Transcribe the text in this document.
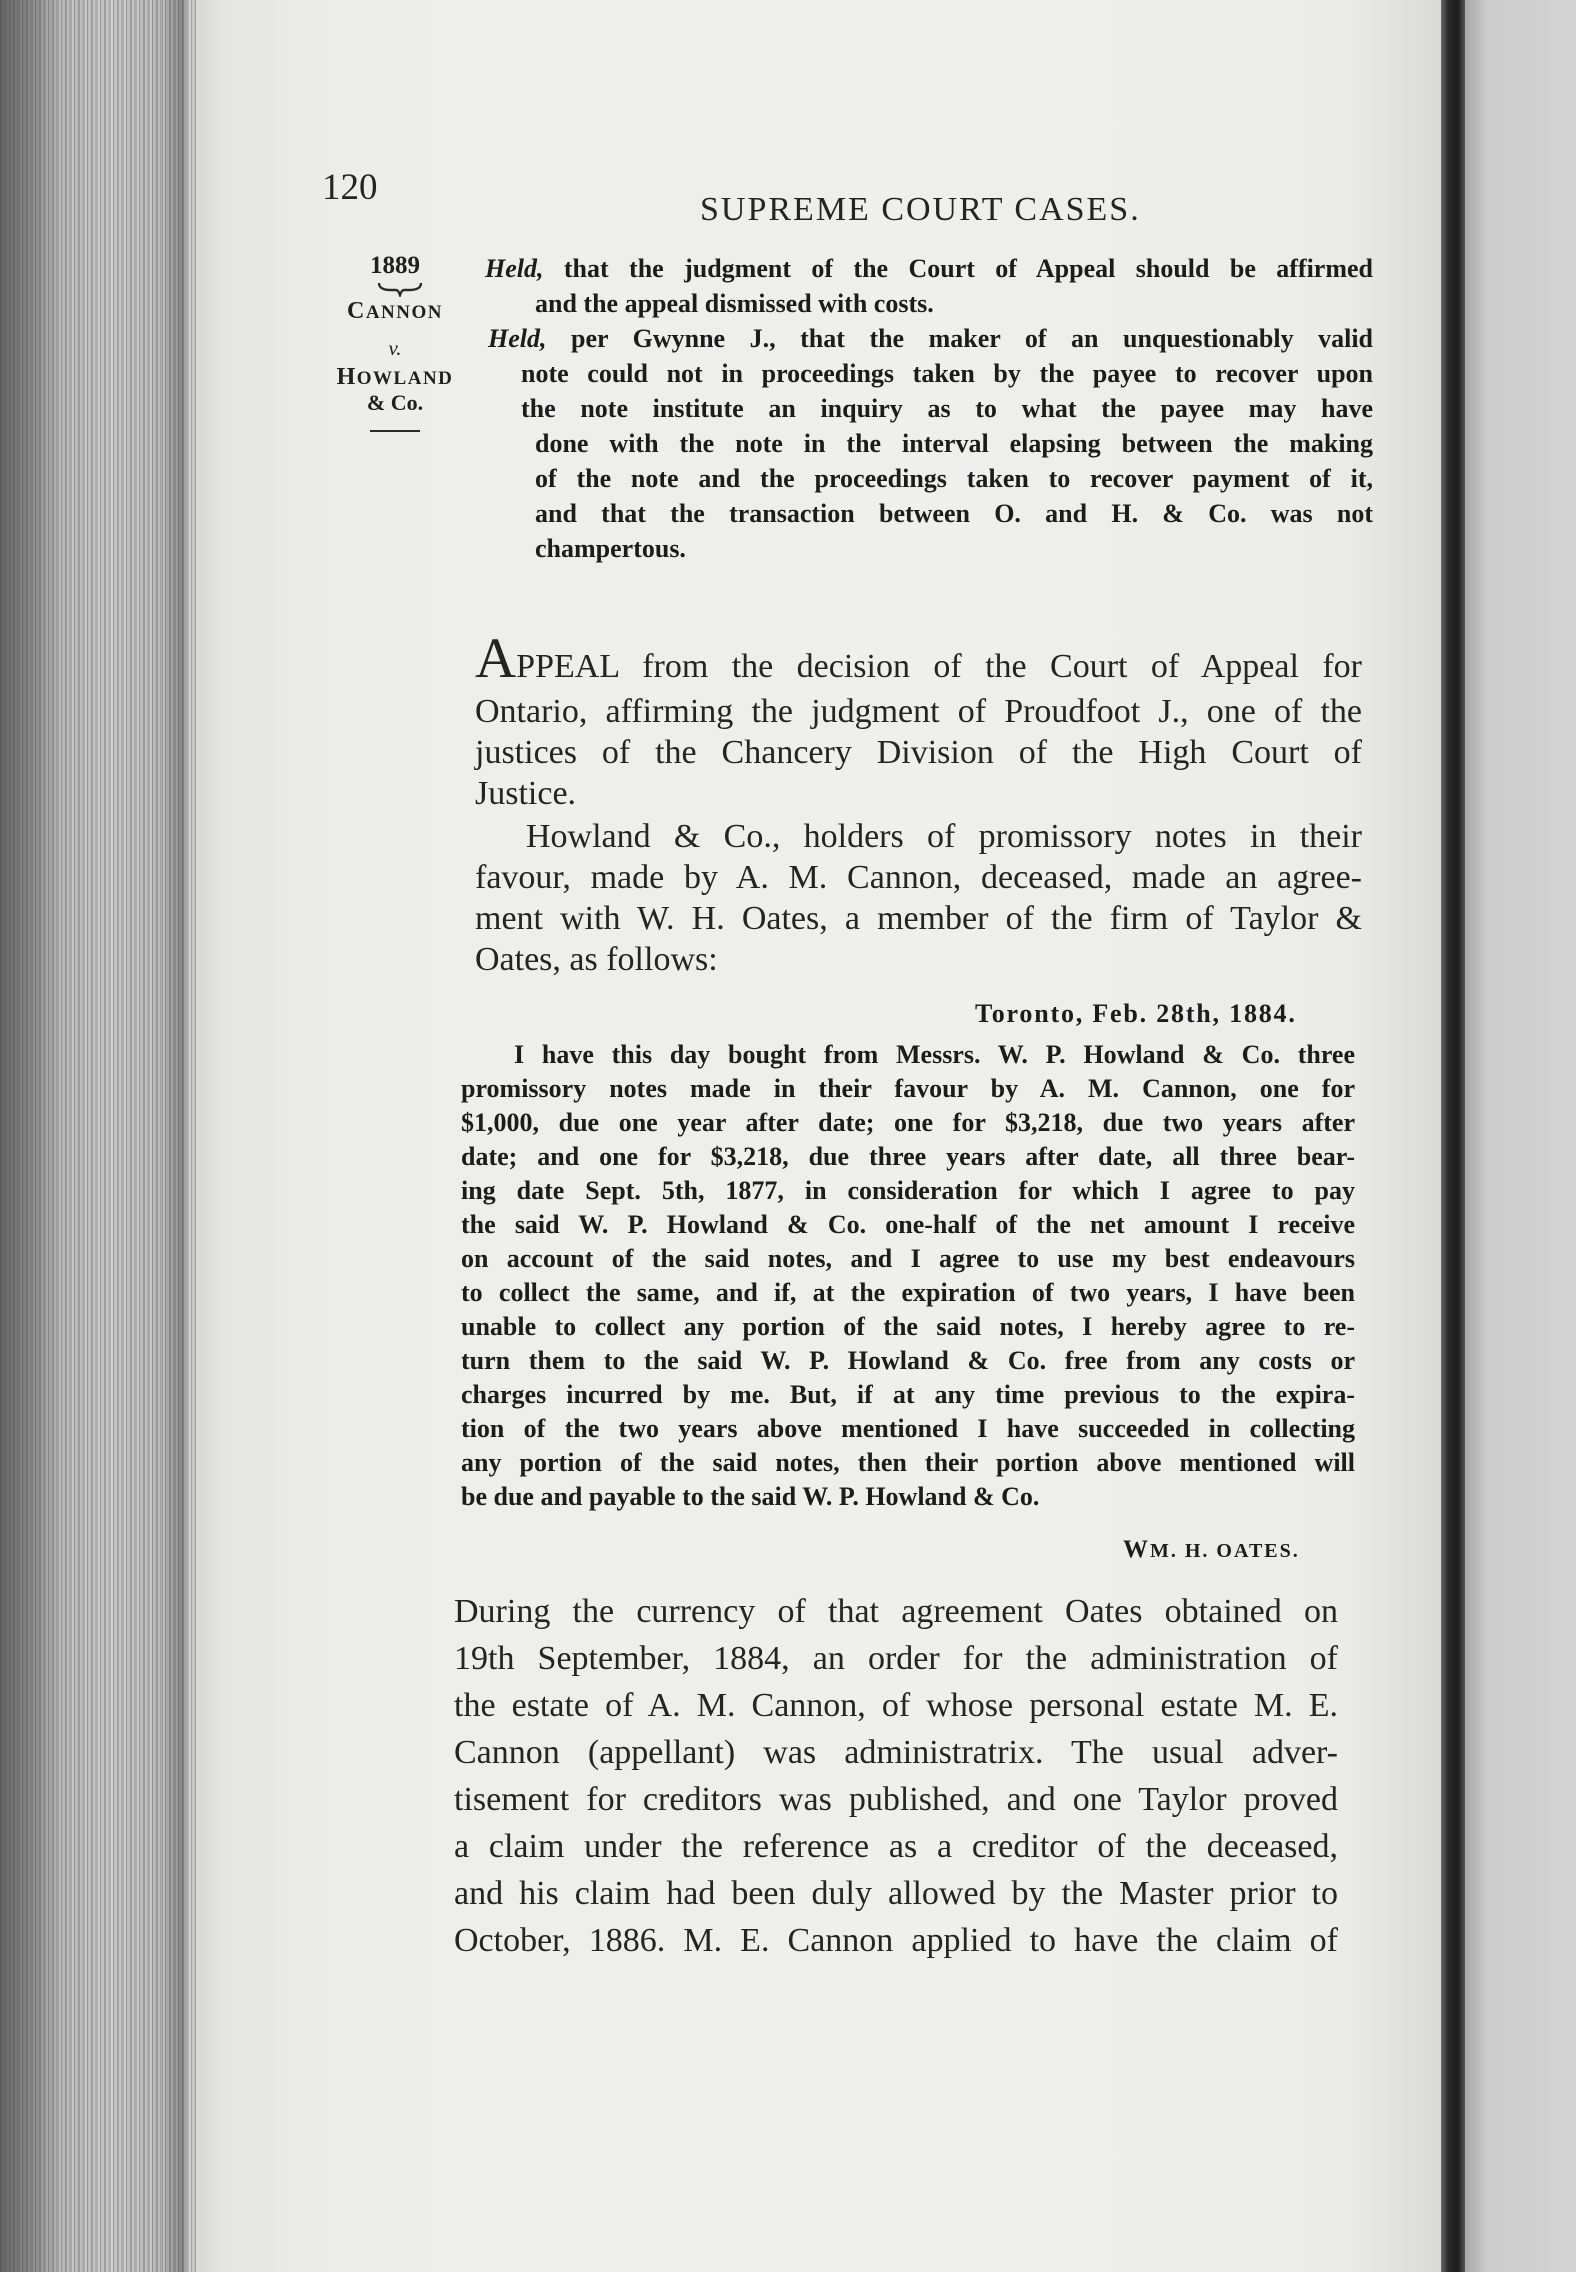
120
SUPREME COURT CASES.
1889
CANNON
v.
HOWLAND
& Co.
Held, that the judgment of the Court of Appeal should be affirmed
and the appeal dismissed with costs.
Held, per Gwynne J., that the maker of an unquestionably valid
note could not in proceedings taken by the payee to recover upon
the note institute an inquiry as to what the payee may have
done with the note in the interval elapsing between the making
of the note and the proceedings taken to recover payment of it,
and that the transaction between O. and H. & Co. was not
champertous.
APPEAL from the decision of the Court of Appeal for
Ontario, affirming the judgment of Proudfoot J., one of the
justices of the Chancery Division of the High Court of
Justice.
Howland & Co., holders of promissory notes in their
favour, made by A. M. Cannon, deceased, made an agree-
ment with W. H. Oates, a member of the firm of Taylor &
Oates, as follows:
Toronto, Feb. 28th, 1884.
I have this day bought from Messrs. W. P. Howland & Co. three
promissory notes made in their favour by A. M. Cannon, one for
$1,000, due one year after date; one for $3,218, due two years after
date; and one for $3,218, due three years after date, all three bear-
ing date Sept. 5th, 1877, in consideration for which I agree to pay
the said W. P. Howland & Co. one-half of the net amount I receive
on account of the said notes, and I agree to use my best endeavours
to collect the same, and if, at the expiration of two years, I have been
unable to collect any portion of the said notes, I hereby agree to re-
turn them to the said W. P. Howland & Co. free from any costs or
charges incurred by me. But, if at any time previous to the expira-
tion of the two years above mentioned I have succeeded in collecting
any portion of the said notes, then their portion above mentioned will
be due and payable to the said W. P. Howland & Co.
WM. H. OATES.
During the currency of that agreement Oates obtained on
19th September, 1884, an order for the administration of
the estate of A. M. Cannon, of whose personal estate M. E.
Cannon (appellant) was administratrix. The usual adver-
tisement for creditors was published, and one Taylor proved
a claim under the reference as a creditor of the deceased,
and his claim had been duly allowed by the Master prior to
October, 1886. M. E. Cannon applied to have the claim of
